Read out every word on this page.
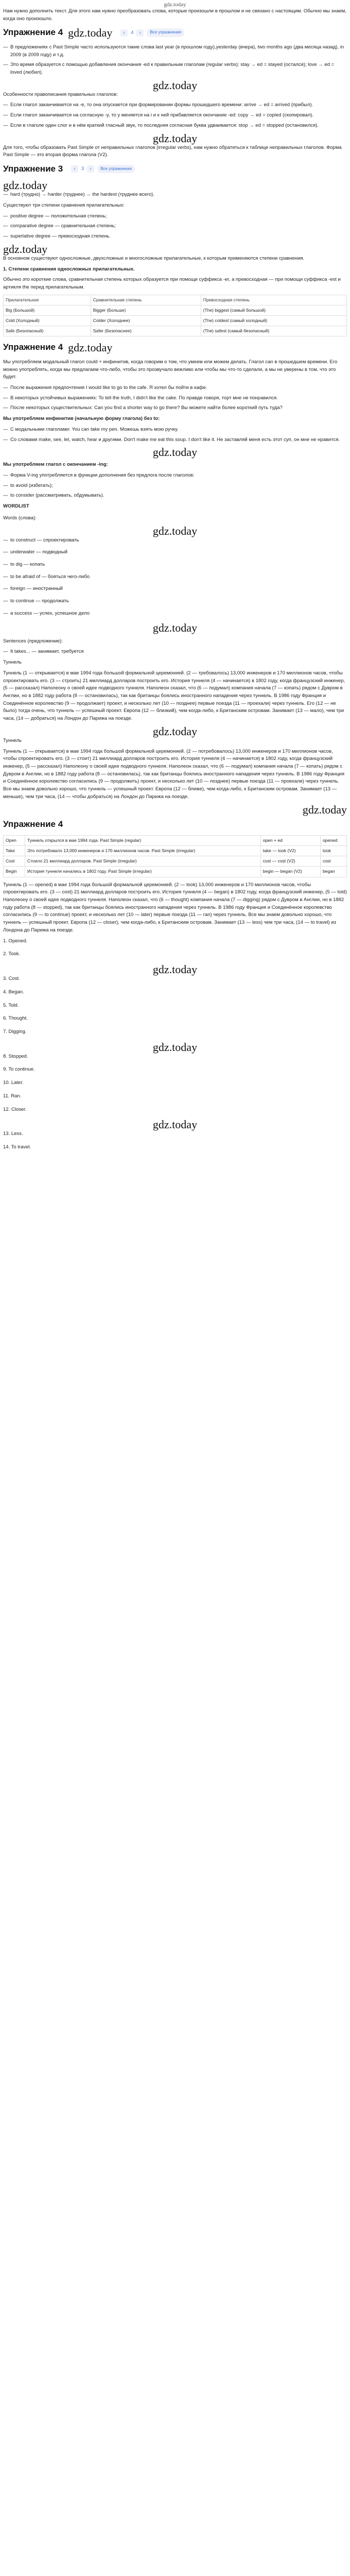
gdz.today

Нам нужно дополнить текст. Для этого нам нужно преобразовать слова, которые произошли в прошлом и не связано с настоящим. Обычно мы знаем, когда оно произошло.

Упражнение 4 gdz.today	‹	4	›	Все упражнения
— В предложениях с Past Simple часто используются такие слова last year (в прошлом году),yesterday (вчера), two months ago (два месяца назад), in 2009 (в 2009 году) и т.д.
— Это время образуется с помощью добавления окончания -ed к правильным глаголам (regular verbs): stay → ed = stayed (остался); love → ed = loved (любил).
gdz.today

Особенности правописания правильных глаголов:

— Если глагол заканчивается на -e, то она опускается при формировании формы прошедшего времени: arrive → ed = arrived (прибыл).
— Если глагол заканчивается на согласную -y, то y меняется на i и к ней прибавляется окончание -ed: copy → ed = copied (скопировал).
— Если в глаголе один слог и в нём краткий гласный звук, то последняя согласная буква удваивается: stop → ed = stopped (остановился).
gdz.today

Для того, чтобы образовать Past Simple от неправильных глаголов (irregular verbs), нам нужно обратиться к таблице неправильных глаголов. Форма Past Simple — это вторая форма глагола (V2).

Упражнение 3	‹	3	›	Все упражнения
gdz.today
— hard (трудно) → harder (труднее) → the hardest (труднее всего).

Существуют три степени сравнения прилагательных:

— positive degree — положительная степень;
— comparative degree — сравнительная степень;
— superlative degree — превосходная степень.
gdz.today

В основном существуют односложные, двухсложные и многосложные прилагательные, к которым применяются степени сравнения.

1. Степени сравнения односложных прилагательных.

Обычно это короткие слова, сравнительная степень которых образуется при помощи суффикса -er, а превосходная — при помощи суффикса -est и артикля the перед прилагательным.

Прилагательное	Сравнительная степень	Превосходная степень
Big (Большой)	Bigger (Больше)	(The) biggest (самый большой)
Cold (Холодный)	Colder (Холоднее)	(The) coldest (самый холодный)
Safe (Безопасный)	Safer (Безопаснее)	(The) safest (самый безопасный)
Упражнение 4 gdz.today

Мы употребляем модальный глагол could + инфинитив, когда говорим о том, что умеем или можем делать. Глагол can в прошедшем времени. Его можно употреблять, когда мы предлагаем что-либо, чтобы это прозвучало вежливо или чтобы мы что-то сделали, а мы не уверены в том, что это будет.

— После выражения предпочтения I would like to go to the cafe. Я хотел бы пойти в кафе.
— В некоторых устойчивых выражениях: To tell the truth, I didn't like the cake. По правде говоря, торт мне не понравился.
— После некоторых существительных: Can you find a shorter way to go there? Вы можете найти более короткий путь туда?

Мы употребляем инфинитив (начальную форму глагола) без to:

— С модальными глаголами: You can take my pen. Можешь взять мою ручку.
— Со словами make, see, let, watch, hear и другими. Don't make me eat this soup. I don't like it. Не заставляй меня есть этот суп, он мне не нравится.
gdz.today

Мы употребляем глагол с окончанием -ing:

— Форма V-ing употребляется в функции дополнения без предлога после глаголов:
— to avoid (избегать);
— to consider (рассматривать, обдумывать).

WORDLIST

Words (слова):

gdz.today
— to construct — спроектировать
— underwater — подводный
— to dig — копать
— to be afraid of — бояться чего-либо
— foreign — иностранный
— to continue — продолжать
— a success — успех, успешное дело
gdz.today

Sentences (предложение):

— It takes... — занимает, требуется

Туннель

Туннель (1 — открывается) в мае 1994 года большой формальной церемонией. (2 — требовалось) 13,000 инженеров и 170 миллионов часов, чтобы спроектировать его. (3 — строить) 21 миллиард долларов построить его. История туннеля (4 — начинается) в 1802 году, когда французский инженер, (5 — рассказал) Наполеону о своей идее подводного туннеля. Наполеон сказал, что (6 — подумал) компания начала (7 — копать) рядом с Дувром в Англии, но в 1882 году работа (8 — остановилась), так как британцы боялись иностранного нападения через туннель. В 1986 году Франция и Соединённое королевство (9 — продолжает) проект, и несколько лет (10 — позднее) первые поезда (11 — проехали) через туннель. Его (12 — не было) тогда очень, что туннель — успешный проект. Европа (12 — близкий), чем когда-либо, к Британским островам. Занимает (13 — мало), чем три часа, (14 — добраться) на Лондон до Парижа на поезде.

gdz.today

Туннель

Туннель (1 — открывается) в мае 1994 года большой формальной церемонией. (2 — потребовалось) 13,000 инженеров и 170 миллионов часов, чтобы спроектировать его. (3 — стоит) 21 миллиард долларов построить его. История туннеля (4 — начинается) в 1802 году, когда французский инженер, (5 — рассказал) Наполеону о своей идее подводного туннеля. Наполеон сказал, что (6 — подумал) компания начала (7 — копать) рядом с Дувром в Англии, но в 1882 году работа (8 — остановилась), так как британцы боялись иностранного нападения через туннель. В 1986 году Франция и Соединённое королевство согласились (9 — продолжить) проект, и несколько лет (10 — позднее) первые поезда (11 — проехали) через туннель. Все мы знаем довольно хорошо, что туннель — успешный проект. Европа (12 — ближе), чем когда-либо, к Британским островам. Занимает (13 — меньше), чем три часа, (14 — чтобы добраться) на Лондон до Парижа на поезде.

gdz.today
Упражнение 4
Open	Туннель открылся в мае 1994 года. Past Simple (regular)	open + ed	opened
Take	Это потребовало 13,000 инженеров и 170 миллионов часов. Past Simple (irregular)	take — took (V2)	took
Cost	Стоило 21 миллиард долларов. Past Simple (irregular)	cost — cost (V2)	cost
Begin	История туннеля начались в 1802 году. Past Simple (irregular)	begin — began (V2)	began

Туннель (1 — opened) в мае 1994 года большой формальной церемонией. (2 — took) 13,000 инженеров и 170 миллионов часов, чтобы спроектировать его. (3 — cost) 21 миллиард долларов построить его. История туннеля (4 — began) в 1802 году, когда французский инженер, (5 — told) Наполеону о своей идее подводного туннеля. Наполеон сказал, что (6 — thought) компания начала (7 — digging) рядом с Дувром в Англии, но в 1882 году работа (8 — stopped), так как британцы боялись иностранного нападения через туннель. В 1986 году Франция и Соединённое королевство согласились (9 — to continue) проект, и несколько лет (10 — later) первые поезда (11 — ran) через туннель. Все мы знаем довольно хорошо, что туннель — успешный проект. Европа (12 — closer), чем когда-либо, к Британским островам. Занимает (13 — less) чем три часа, (14 — to travel) из Лондона до Парижа на поезде.

1. Opened.

2. Took.

gdz.today

3. Cost.

4. Began.

5. Told.

6. Thought.

7. Digging.

gdz.today

8. Stopped.

9. To continue.

10. Later.

11. Ran.

12. Closer.

gdz.today

13. Less.

14. To travel.
